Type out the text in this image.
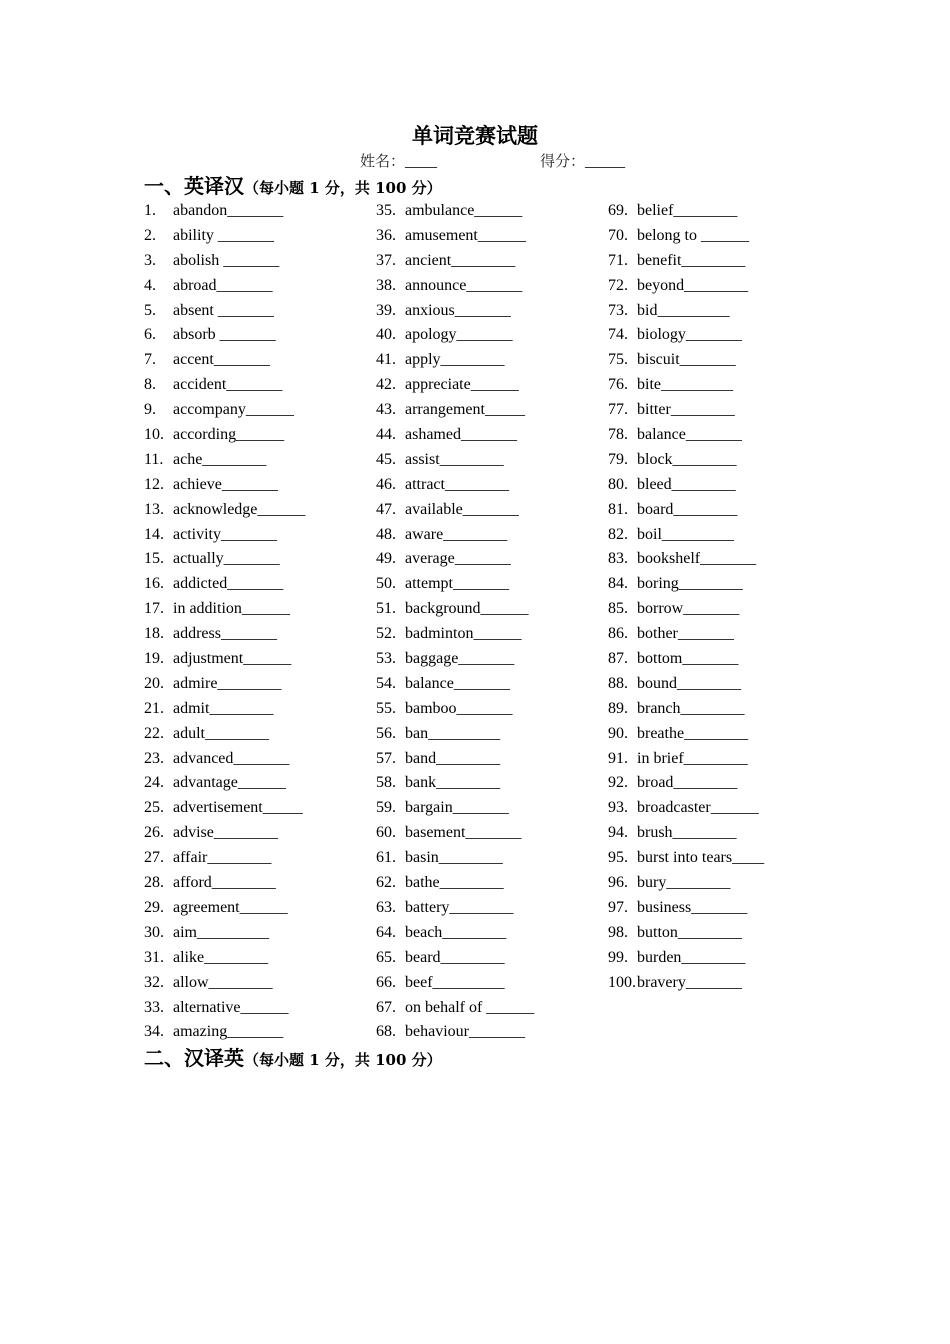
单词竞赛试题
姓名：____	得分：_____
一、英译汉（每小题 1 分，共 100 分）
1. abandon_______
2. ability _______
3. abolish _______
4. abroad_______
5. absent _______
6. absorb _______
7. accent_______
8. accident_______
9. accompany______
10. according______
11. ache________
12. achieve_______
13. acknowledge______
14. activity_______
15. actually_______
16. addicted_______
17. in addition______
18. address_______
19. adjustment______
20. admire________
21. admit________
22. adult________
23. advanced_______
24. advantage______
25. advertisement_____
26. advise________
27. affair________
28. afford________
29. agreement______
30. aim_________
31. alike________
32. allow________
33. alternative______
34. amazing_______
35. ambulance______
36. amusement______
37. ancient________
38. announce_______
39. anxious_______
40. apology_______
41. apply________
42. appreciate______
43. arrangement_____
44. ashamed_______
45. assist________
46. attract________
47. available_______
48. aware________
49. average_______
50. attempt_______
51. background______
52. badminton______
53. baggage_______
54. balance_______
55. bamboo_______
56. ban_________
57. band________
58. bank________
59. bargain_______
60. basement_______
61. basin________
62. bathe________
63. battery________
64. beach________
65. beard________
66. beef_________
67. on behalf of ______
68. behaviour_______
69. belief________
70. belong to ______
71. benefit________
72. beyond________
73. bid_________
74. biology_______
75. biscuit_______
76. bite_________
77. bitter________
78. balance_______
79. block________
80. bleed________
81. board________
82. boil_________
83. bookshelf_______
84. boring________
85. borrow_______
86. bother_______
87. bottom_______
88. bound________
89. branch________
90. breathe________
91. in brief________
92. broad________
93. broadcaster______
94. brush________
95. burst into tears____
96. bury________
97. business_______
98. button________
99. burden________
100.bravery_______
二、汉译英（每小题 1 分，共 100 分）
